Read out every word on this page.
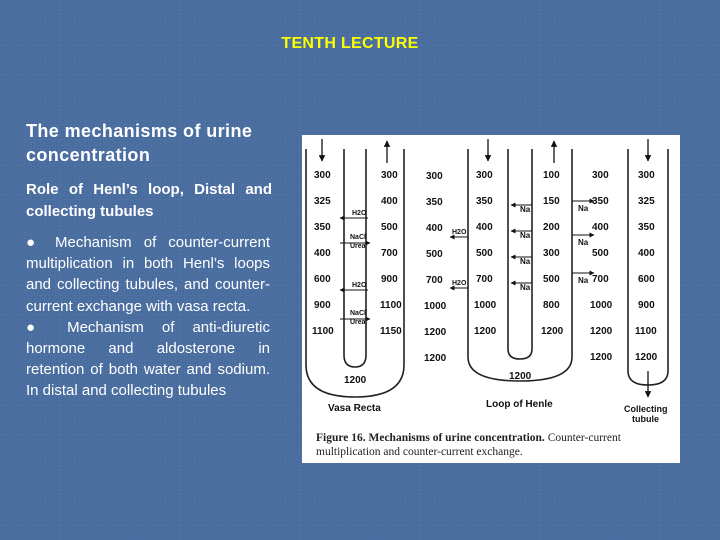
TENTH LECTURE
The mechanisms of urine concentration
Role of Henl’s loop, Distal and collecting tubules

● Mechanism of counter-current multiplication in both Henl’s loops and collecting tubules, and counter-current exchange with vasa recta.

● Mechanism of anti-diuretic hormone and aldosterone in retention of both water and sodium. In distal and collecting tubules

300
325
350
400
600
900
1100
300
400
500
700
900
1100
1150
1200
H2O
NaCl
Urea
H2O
NaCl
Urea
300
350
400
500
700
1000
1200
1200
300
350
400
500
700
1000
1200
100
150
200
300
500
800
1200
1200
H2O
H2O
Na
Na
Na
Na
Na
Na
Na
300
350
400
500
700
1000
1200
1200
300
325
350
400
600
900
1100
1200
Vasa Recta	Loop of Henle	Collecting
tubule
Figure 16. Mechanisms of urine concentration. Counter-current multiplication and counter-current exchange.
